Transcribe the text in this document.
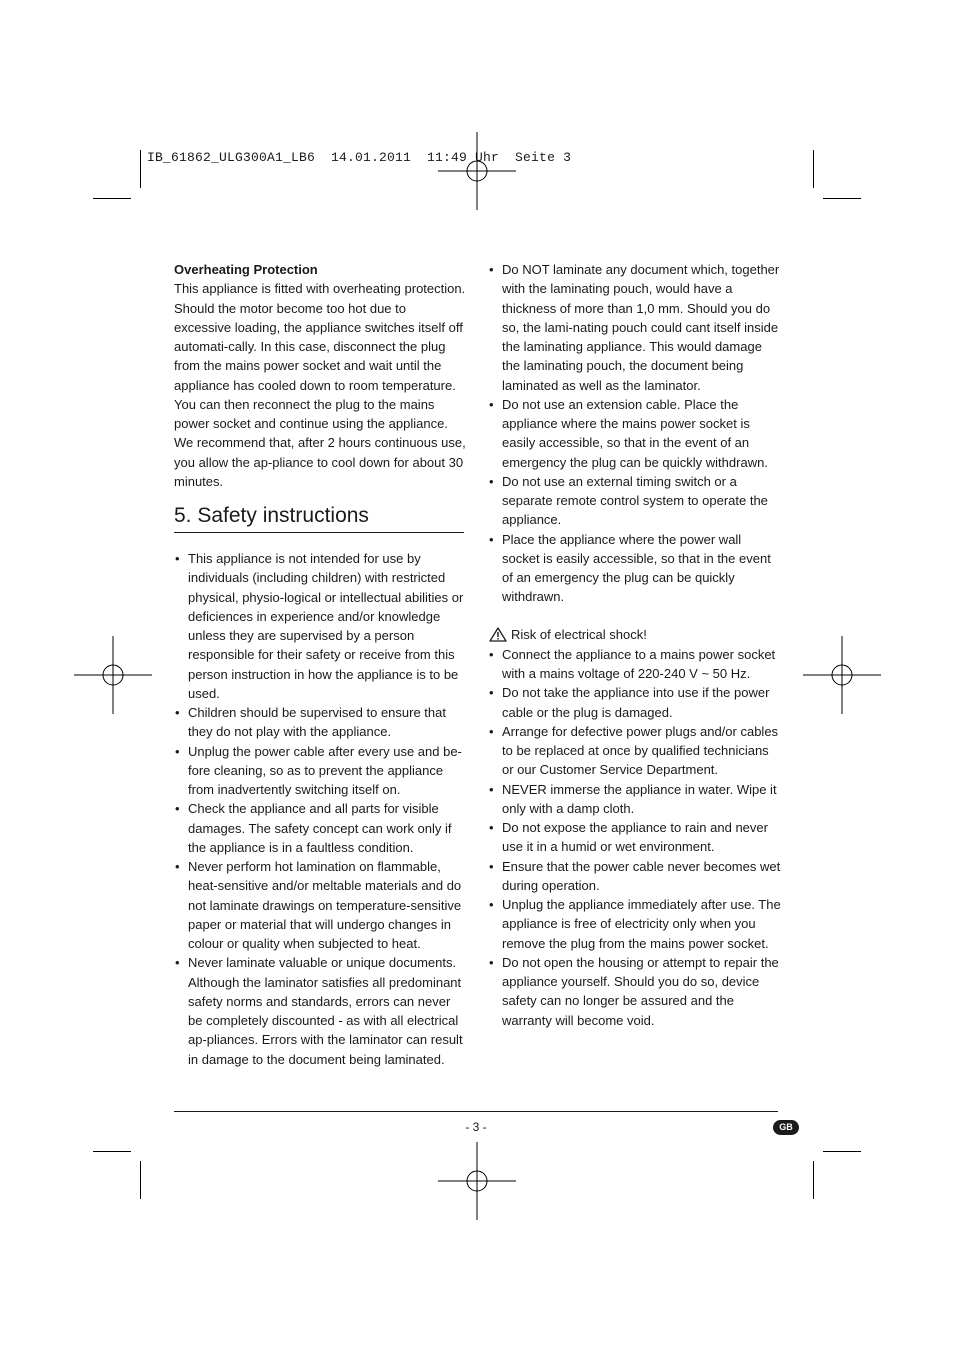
IB_61862_ULG300A1_LB6  14.01.2011  11:49 Uhr  Seite 3

Overheating Protection

This appliance is fitted with overheating protection. Should the motor become too hot due to excessive loading, the appliance switches itself off automati-cally. In this case, disconnect the plug from the mains power socket and wait until the appliance has cooled down to room temperature. You can then reconnect the plug to the mains power socket and continue using the appliance. We recommend that, after 2 hours continuous use, you allow the ap-pliance to cool down for about 30 minutes.

5. Safety instructions
• This appliance is not intended for use by individuals (including children) with restricted physical, physio-logical or intellectual abilities or deficiences in experience and/or knowledge unless they are supervised by a person responsible for their safety or receive from this person instruction in how the appliance is to be used.
• Children should be supervised to ensure that they do not play with the appliance.
• Unplug the power cable after every use and be-fore cleaning, so as to prevent the appliance from inadvertently switching itself on.
• Check the appliance and all parts for visible damages. The safety concept can work only if the appliance is in a faultless condition.
• Never perform hot lamination on flammable, heat-sensitive and/or meltable materials and do not laminate drawings on temperature-sensitive paper or material that will undergo changes in colour or quality when subjected to heat.
• Never laminate valuable or unique documents. Although the laminator satisfies all predominant safety norms and standards, errors can never be completely discounted - as with all electrical ap-pliances. Errors with the laminator can result in damage to the document being laminated.
• Do NOT laminate any document which, together with the laminating pouch, would have a thickness of more than 1,0 mm. Should you do so, the lami-nating pouch could cant itself inside the laminating appliance. This would damage the laminating pouch, the document being laminated as well as the laminator.
• Do not use an extension cable. Place the appliance where the mains power socket is easily accessible, so that in the event of an emergency the plug can be quickly withdrawn.
• Do not use an external timing switch or a separate remote control system to operate the appliance.
• Place the appliance where the power wall socket is easily accessible, so that in the event of an emergency the plug can be quickly withdrawn.
Risk of electrical shock!
• Connect the appliance to a mains power socket with a mains voltage of 220-240 V ~ 50 Hz.
• Do not take the appliance into use if the power cable or the plug is damaged.
• Arrange for defective power plugs and/or cables to be replaced at once by qualified technicians or our Customer Service Department.
• NEVER immerse the appliance in water. Wipe it only with a damp cloth.
• Do not expose the appliance to rain and never use it in a humid or wet environment.
• Ensure that the power cable never becomes wet during operation.
• Unplug the appliance immediately after use. The appliance is free of electricity only when you remove the plug from the mains power socket.
• Do not open the housing or attempt to repair the appliance yourself. Should you do so, device safety can no longer be assured and the warranty will become void.
- 3 -	GB
